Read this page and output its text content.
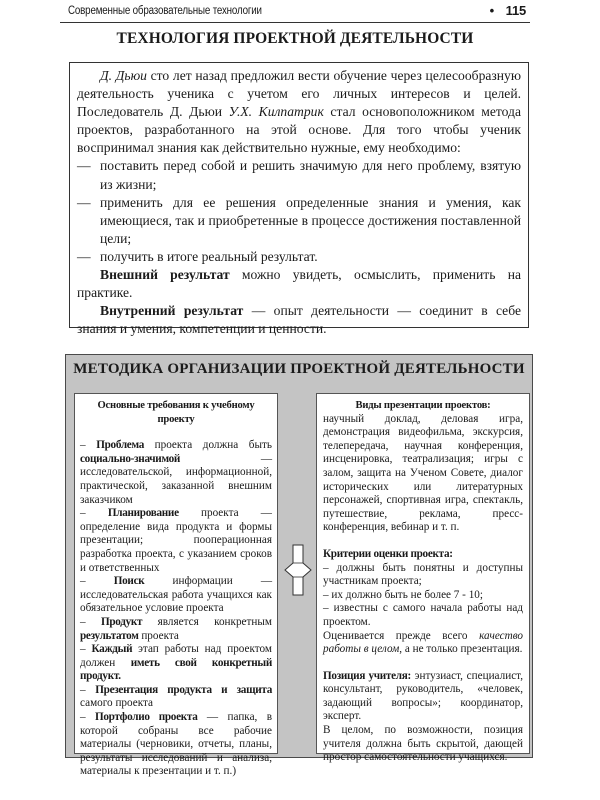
Современные образовательные технологии	• 115
ТЕХНОЛОГИЯ ПРОЕКТНОЙ ДЕЯТЕЛЬНОСТИ

Д. Дьюи сто лет назад предложил вести обучение через целесообразную деятельность ученика с учетом его личных интересов и целей. Последователь Д. Дьюи У.Х. Килпатрик стал основоположником метода проектов, разработанного на этой основе. Для того чтобы ученик воспринимал знания как действительно нужные, ему необходимо:

— поставить перед собой и решить значимую для него проблему, взятую из жизни;

— применить для ее решения определенные знания и умения, как имеющиеся, так и приобретенные в процессе достижения поставленной цели;

— получить в итоге реальный результат.

Внешний результат можно увидеть, осмыслить, применить на практике.

Внутренний результат — опыт деятельности — соединит в себе знания и умения, компетенции и ценности.

МЕТОДИКА ОРГАНИЗАЦИИ ПРОЕКТНОЙ ДЕЯТЕЛЬНОСТИ

Основные требования к учебному проекту

– Проблема проекта должна быть социально-значимой — исследовательской, информационной, практической, заказанной внешним заказчиком

– Планирование проекта — определение вида продукта и формы презентации; пооперационная разработка проекта, с указанием сроков и ответственных

– Поиск информации — исследовательская работа учащихся как обязательное условие проекта

– Продукт является конкретным результатом проекта

– Каждый этап работы над проектом должен иметь свой конкретный продукт.

– Презентация продукта и защита самого проекта

– Портфолио проекта — папка, в которой собраны все рабочие материалы (черновики, отчеты, планы, результаты исследований и анализа, материалы к презентации и т. п.)

Виды презентации проектов:

научный доклад, деловая игра, демонстрация видеофильма, экскурсия, телепередача, научная конференция, инсценировка, театрализация; игры с залом, защита на Ученом Совете, диалог исторических или литературных персонажей, спортивная игра, спектакль, путешествие, реклама, пресс-конференция, вебинар и т. п.

Критерии оценки проекта:

– должны быть понятны и доступны участникам проекта;

– их должно быть не более 7 - 10;

– известны с самого начала работы над проектом.

Оценивается прежде всего качество работы в целом, а не только презентация.

Позиция учителя: энтузиаст, специалист, консультант, руководитель, «человек, задающий вопросы»; координатор, эксперт.

В целом, по возможности, позиция учителя должна быть скрытой, дающей простор самостоятельности учащихся.
